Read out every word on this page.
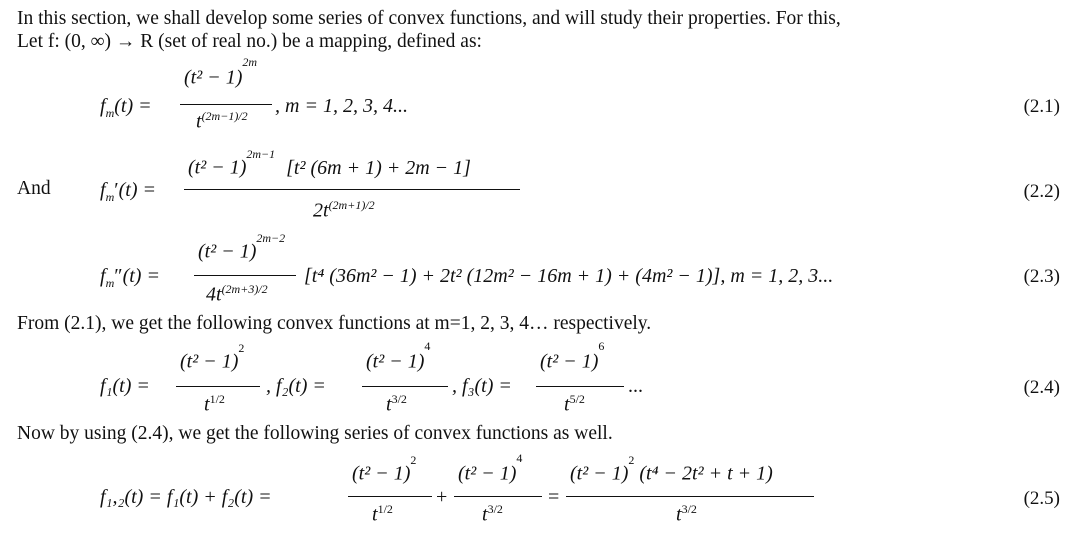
In this section, we shall develop some series of convex functions, and will study their properties. For this,
Let f: (0, ∞) → R (set of real no.) be a mapping, defined as:
$f_m(t)$ =
$(t^2 - 1)^{2m}$
$t^{(2m-1)/2}$ , m = 1, 2, 3, 4...	(2.1)
And $f_m'(t)$ =
$(t^2 - 1)^{2m-1}$ [t² (6m + 1) + 2m − 1]
$2t^{(2m+1)/2}$
(2.2)
$f_m''(t)$ =
$(t^2 - 1)^{2m-2}$
$4t^{(2m+3)/2}$
[t⁴ (36m² − 1) + 2t² (12m² − 16m + 1) + (4m² − 1)], m = 1, 2, 3...	(2.3)
From (2.1), we get the following convex functions at m=1, 2, 3, 4… respectively.
f₁(t) =
$(t^2 - 1)^2$
$t^{1/2}$
, f₂(t) =
$(t^2 - 1)^4$
$t^{3/2}$
, f₃(t) =
$(t^2 - 1)^6$
$t^{5/2}$
...	(2.4)
Now by using (2.4), we get the following series of convex functions as well.
f₁,₂(t) = f₁(t) + f₂(t) =
$(t^2 - 1)^2$
$t^{1/2}$
+
$(t^2 - 1)^4$
$t^{3/2}$
=
$(t^2 - 1)^2$ (t⁴ − 2t² + t + 1)
$t^{3/2}$	(2.5)
